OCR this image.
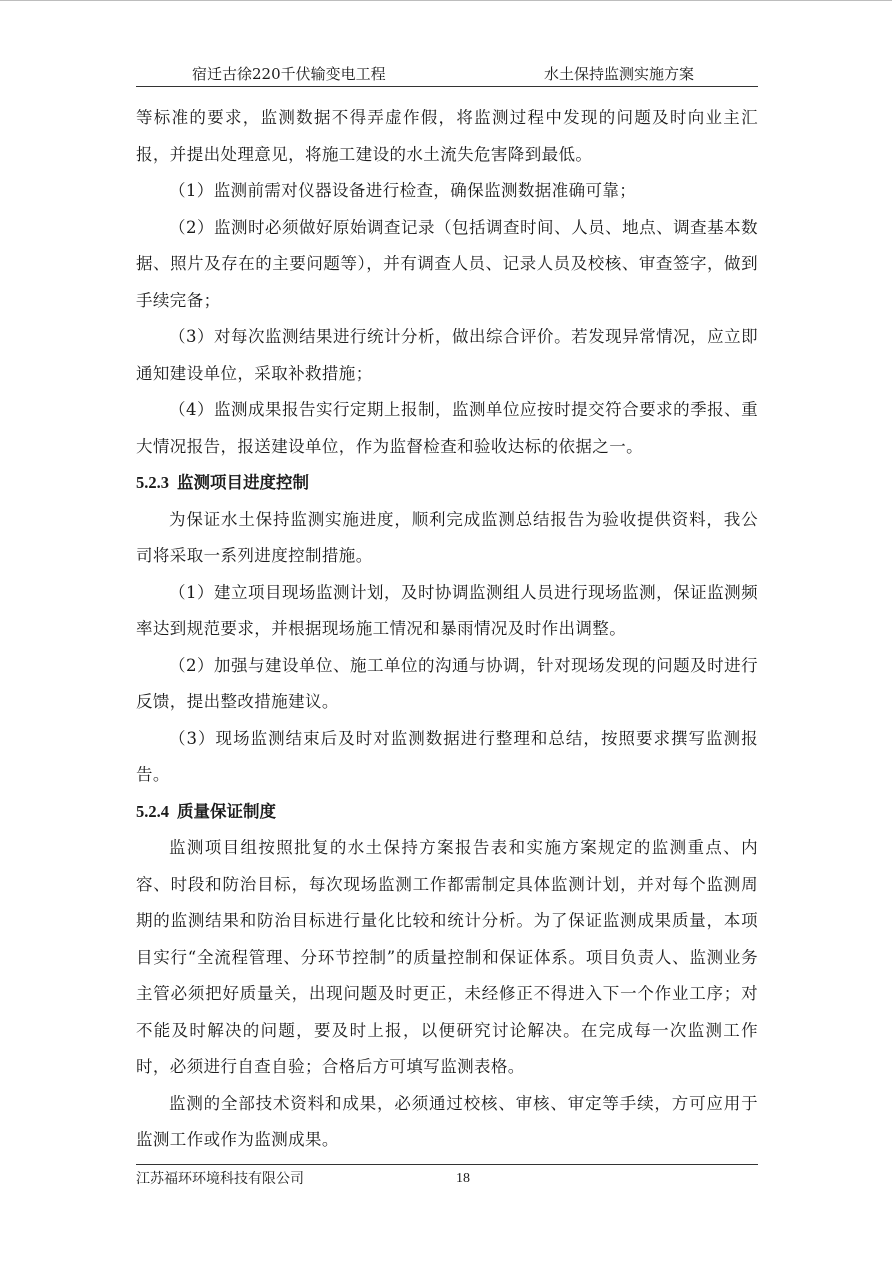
宿迁古徐220千伏输变电工程	水土保持监测实施方案

等标准的要求，监测数据不得弄虚作假，将监测过程中发现的问题及时向业主汇报，并提出处理意见，将施工建设的水土流失危害降到最低。

（1）监测前需对仪器设备进行检查，确保监测数据准确可靠；

（2）监测时必须做好原始调查记录（包括调查时间、人员、地点、调查基本数据、照片及存在的主要问题等），并有调查人员、记录人员及校核、审查签字，做到手续完备；

（3）对每次监测结果进行统计分析，做出综合评价。若发现异常情况，应立即通知建设单位，采取补救措施；

（4）监测成果报告实行定期上报制，监测单位应按时提交符合要求的季报、重大情况报告，报送建设单位，作为监督检查和验收达标的依据之一。

5.2.3 监测项目进度控制

为保证水土保持监测实施进度，顺利完成监测总结报告为验收提供资料，我公司将采取一系列进度控制措施。

（1）建立项目现场监测计划，及时协调监测组人员进行现场监测，保证监测频率达到规范要求，并根据现场施工情况和暴雨情况及时作出调整。

（2）加强与建设单位、施工单位的沟通与协调，针对现场发现的问题及时进行反馈，提出整改措施建议。

（3）现场监测结束后及时对监测数据进行整理和总结，按照要求撰写监测报告。

5.2.4 质量保证制度

监测项目组按照批复的水土保持方案报告表和实施方案规定的监测重点、内容、时段和防治目标，每次现场监测工作都需制定具体监测计划，并对每个监测周期的监测结果和防治目标进行量化比较和统计分析。为了保证监测成果质量，本项目实行“全流程管理、分环节控制”的质量控制和保证体系。项目负责人、监测业务主管必须把好质量关，出现问题及时更正，未经修正不得进入下一个作业工序；对不能及时解决的问题，要及时上报，以便研究讨论解决。在完成每一次监测工作时，必须进行自查自验；合格后方可填写监测表格。

监测的全部技术资料和成果，必须通过校核、审核、审定等手续，方可应用于监测工作或作为监测成果。

江苏福环环境科技有限公司	18
